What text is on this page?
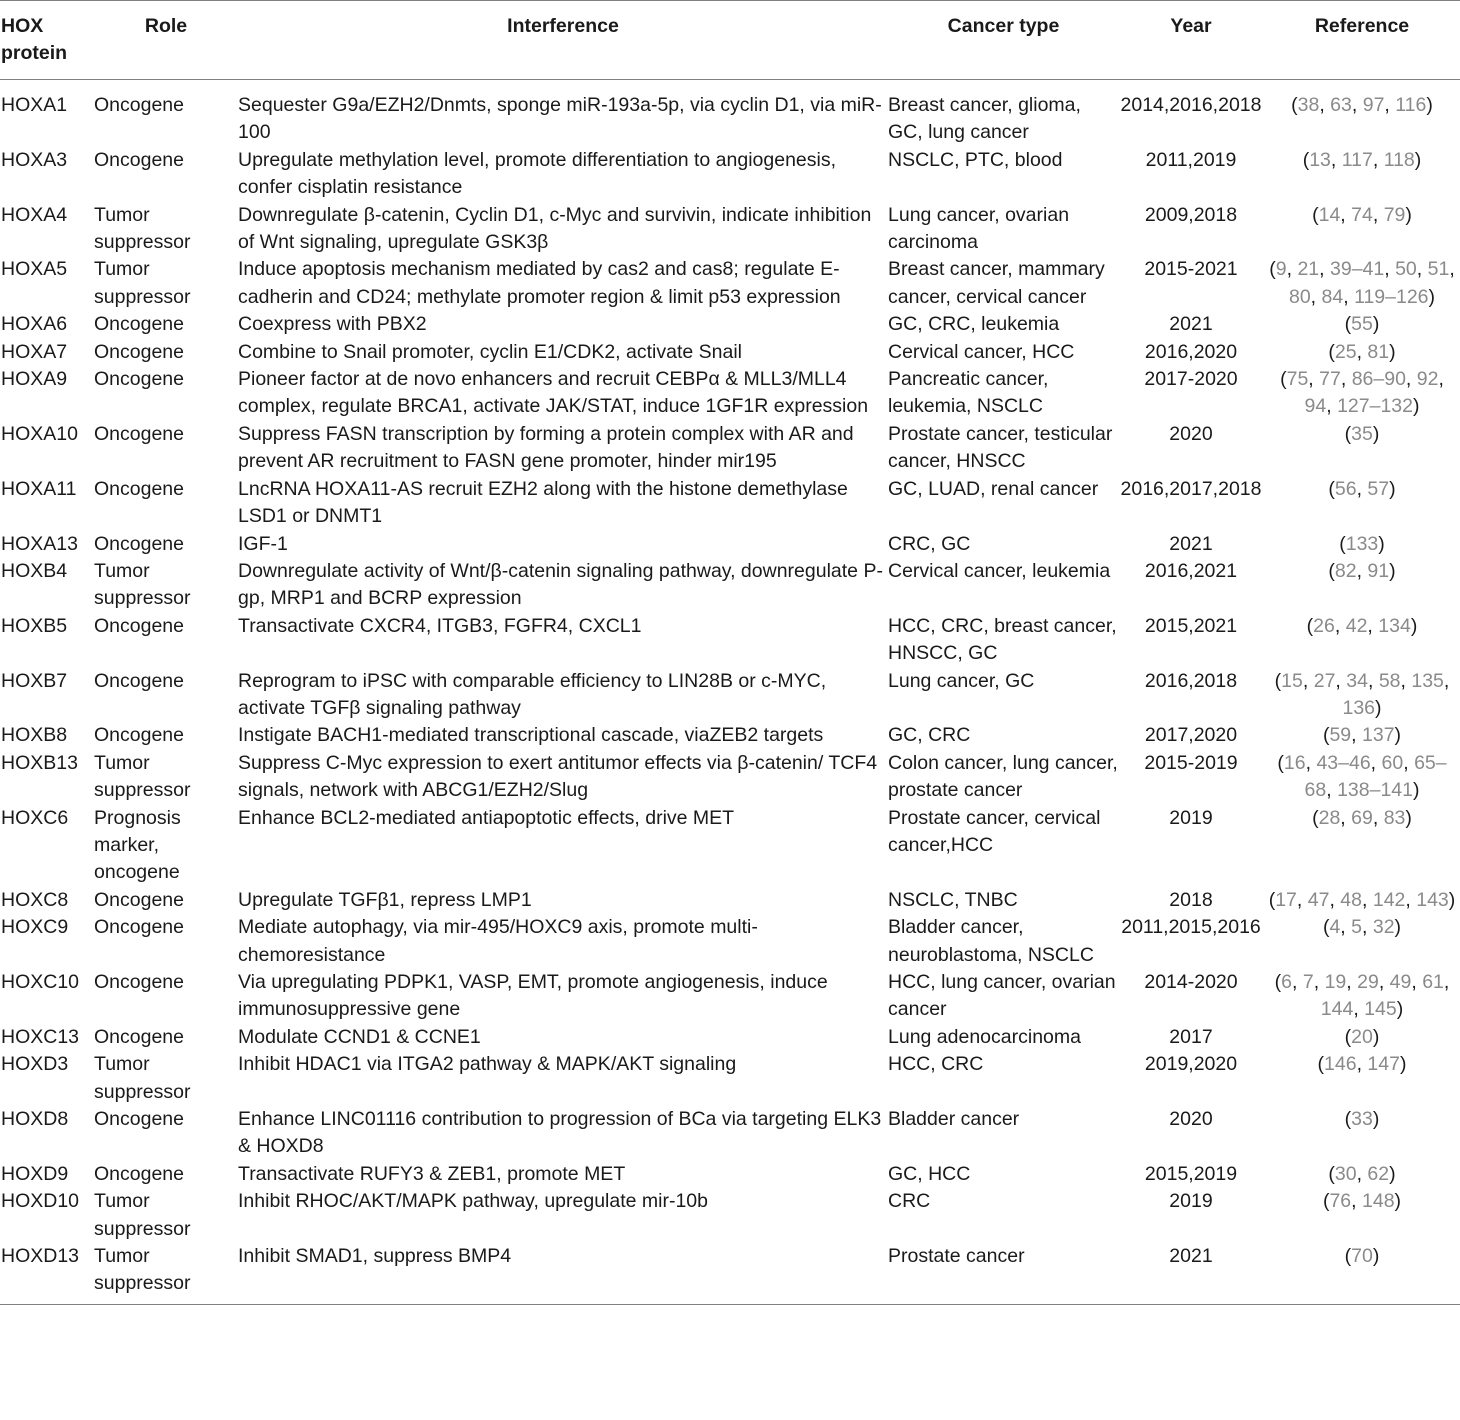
HOX protein	Role	Interference	Cancer type	Year	Reference
HOXA1	Oncogene	Sequester G9a/EZH2/Dnmts, sponge miR-193a-5p, via cyclin D1, via miR-100	Breast cancer, glioma, GC, lung cancer	2014,2016,2018	(38, 63, 97, 116)
HOXA3	Oncogene	Upregulate methylation level, promote differentiation to angiogenesis, confer cisplatin resistance	NSCLC, PTC, blood	2011,2019	(13, 117, 118)
HOXA4	Tumor suppressor	Downregulate β-catenin, Cyclin D1, c-Myc and survivin, indicate inhibition of Wnt signaling, upregulate GSK3β	Lung cancer, ovarian carcinoma	2009,2018	(14, 74, 79)
HOXA5	Tumor suppressor	Induce apoptosis mechanism mediated by cas2 and cas8; regulate E-cadherin and CD24; methylate promoter region & limit p53 expression	Breast cancer, mammary cancer, cervical cancer	2015-2021	(9, 21, 39–41, 50, 51, 80, 84, 119–126)
HOXA6	Oncogene	Coexpress with PBX2	GC, CRC, leukemia	2021	(55)
HOXA7	Oncogene	Combine to Snail promoter, cyclin E1/CDK2, activate Snail	Cervical cancer, HCC	2016,2020	(25, 81)
HOXA9	Oncogene	Pioneer factor at de novo enhancers and recruit CEBPα & MLL3/MLL4 complex, regulate BRCA1, activate JAK/STAT, induce 1GF1R expression	Pancreatic cancer, leukemia, NSCLC	2017-2020	(75, 77, 86–90, 92, 94, 127–132)
HOXA10	Oncogene	Suppress FASN transcription by forming a protein complex with AR and prevent AR recruitment to FASN gene promoter, hinder mir195	Prostate cancer, testicular cancer, HNSCC	2020	(35)
HOXA11	Oncogene	LncRNA HOXA11-AS recruit EZH2 along with the histone demethylase LSD1 or DNMT1	GC, LUAD, renal cancer	2016,2017,2018	(56, 57)
HOXA13	Oncogene	IGF-1	CRC, GC	2021	(133)
HOXB4	Tumor suppressor	Downregulate activity of Wnt/β-catenin signaling pathway, downregulate P-gp, MRP1 and BCRP expression	Cervical cancer, leukemia	2016,2021	(82, 91)
HOXB5	Oncogene	Transactivate CXCR4, ITGB3, FGFR4, CXCL1	HCC, CRC, breast cancer, HNSCC, GC	2015,2021	(26, 42, 134)
HOXB7	Oncogene	Reprogram to iPSC with comparable efficiency to LIN28B or c-MYC, activate TGFβ signaling pathway	Lung cancer, GC	2016,2018	(15, 27, 34, 58, 135, 136)
HOXB8	Oncogene	Instigate BACH1-mediated transcriptional cascade, viaZEB2 targets	GC, CRC	2017,2020	(59, 137)
HOXB13	Tumor suppressor	Suppress C-Myc expression to exert antitumor effects via β-catenin/ TCF4 signals, network with ABCG1/EZH2/Slug	Colon cancer, lung cancer, prostate cancer	2015-2019	(16, 43–46, 60, 65–68, 138–141)
HOXC6	Prognosis marker, oncogene	Enhance BCL2-mediated antiapoptotic effects, drive MET	Prostate cancer, cervical cancer,HCC	2019	(28, 69, 83)
HOXC8	Oncogene	Upregulate TGFβ1, repress LMP1	NSCLC, TNBC	2018	(17, 47, 48, 142, 143)
HOXC9	Oncogene	Mediate autophagy, via mir-495/HOXC9 axis, promote multi-chemoresistance	Bladder cancer, neuroblastoma, NSCLC	2011,2015,2016	(4, 5, 32)
HOXC10	Oncogene	Via upregulating PDPK1, VASP, EMT, promote angiogenesis, induce immunosuppressive gene	HCC, lung cancer, ovarian cancer	2014-2020	(6, 7, 19, 29, 49, 61, 144, 145)
HOXC13	Oncogene	Modulate CCND1 & CCNE1	Lung adenocarcinoma	2017	(20)
HOXD3	Tumor suppressor	Inhibit HDAC1 via ITGA2 pathway & MAPK/AKT signaling	HCC, CRC	2019,2020	(146, 147)
HOXD8	Oncogene	Enhance LINC01116 contribution to progression of BCa via targeting ELK3 & HOXD8	Bladder cancer	2020	(33)
HOXD9	Oncogene	Transactivate RUFY3 & ZEB1, promote MET	GC, HCC	2015,2019	(30, 62)
HOXD10	Tumor suppressor	Inhibit RHOC/AKT/MAPK pathway, upregulate mir-10b	CRC	2019	(76, 148)
HOXD13	Tumor suppressor	Inhibit SMAD1, suppress BMP4	Prostate cancer	2021	(70)
